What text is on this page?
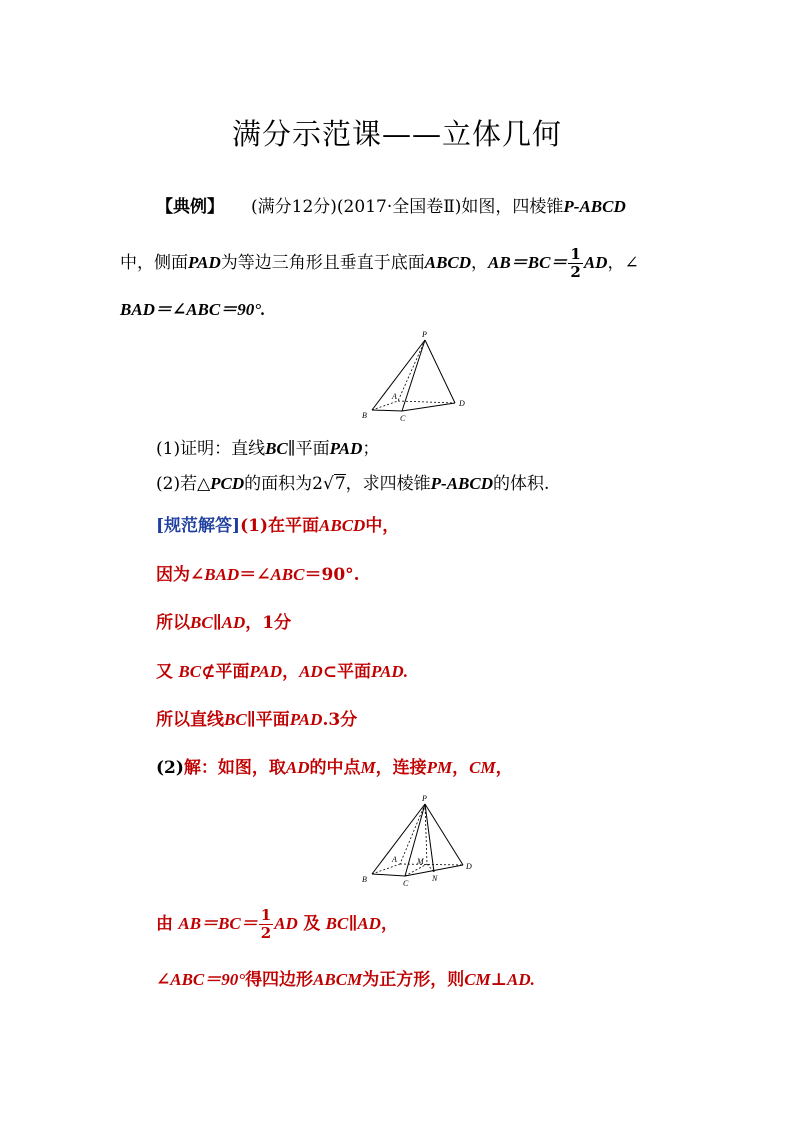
满分示范课——立体几何
【典例】 (满分12分)(2017·全国卷Ⅱ)如图，四棱锥P-ABCD
中，侧面PAD为等边三角形且垂直于底面ABCD，$AB=BC= \frac{1}{2}$ AD，∠
BAD＝∠ABC＝90°.
P
A
B	C
D
(1)证明：直线BC∥平面PAD；
(2)若△PCD的面积为2√7，求四棱锥P-ABCD的体积.
[规范解答](1)在平面ABCD中，
因为∠BAD＝∠ABC＝90°.
所以BC∥AD，1分
又 BC⊄平面PAD，AD⊂平面PAD.
所以直线BC∥平面PAD.3分
(2)解：如图，取AD的中点M，连接PM，CM，
P
A
B	C
D
M
N
由 $AB=BC= \frac{1}{2}$ AD 及 BC∥AD，
∠ABC＝90°得四边形ABCM为正方形，则CM⊥AD.
